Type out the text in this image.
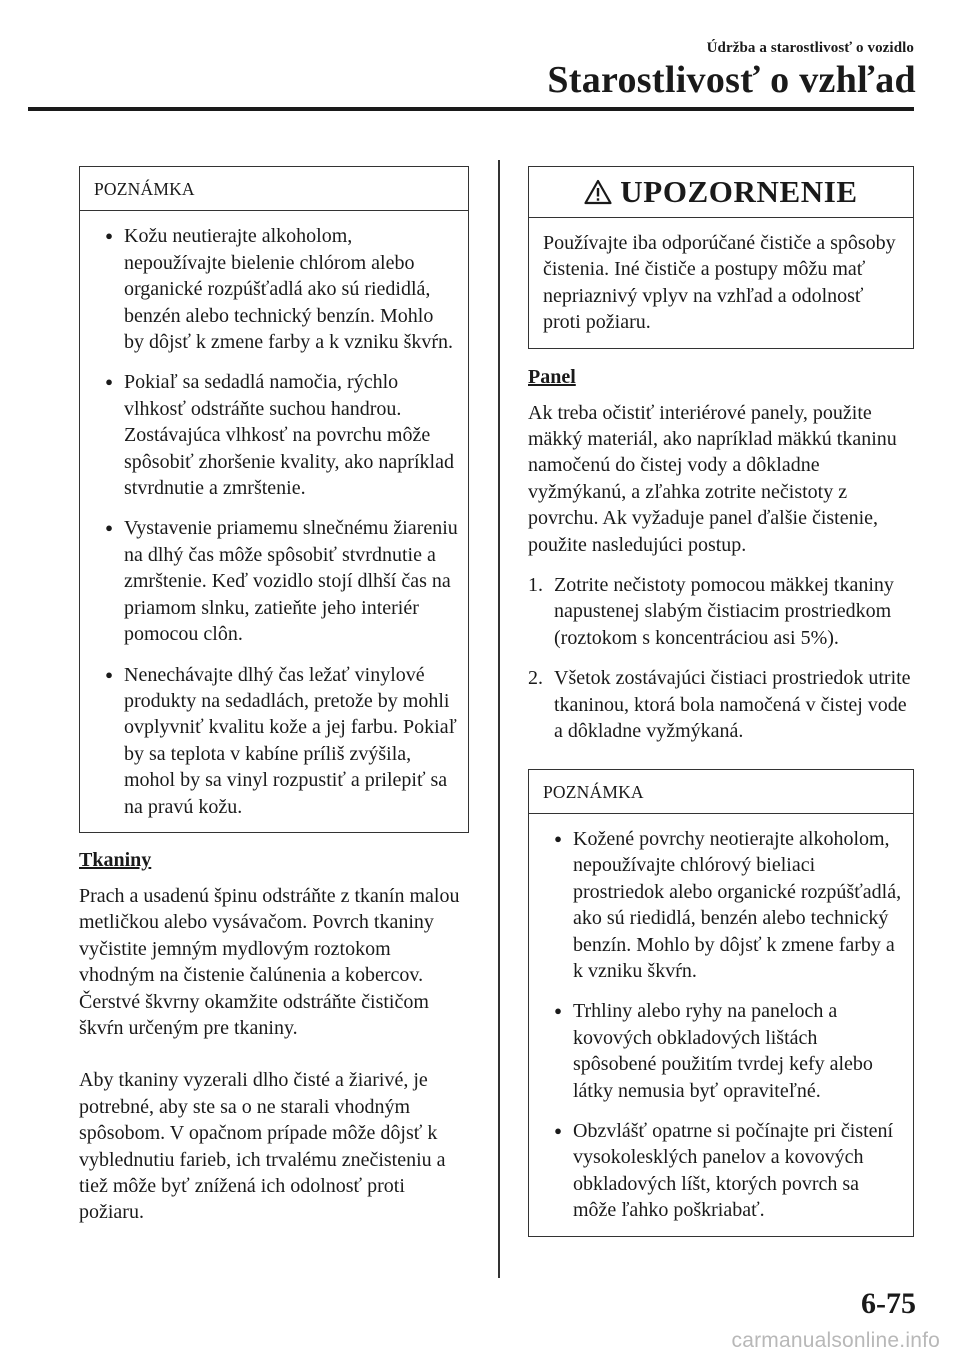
Údržba a starostlivosť o vozidlo
Starostlivosť o vzhľad
POZNÁMKA
● Kožu neutierajte alkoholom, nepoužívajte bielenie chlórom alebo organické rozpúšťadlá ako sú riedidlá, benzén alebo technický benzín. Mohlo by dôjsť k zmene farby a k vzniku škvŕn.
● Pokiaľ sa sedadlá namočia, rýchlo vlhkosť odstráňte suchou handrou. Zostávajúca vlhkosť na povrchu môže spôsobiť zhoršenie kvality, ako napríklad stvrdnutie a zmrštenie.
● Vystavenie priamemu slnečnému žiareniu na dlhý čas môže spôsobiť stvrdnutie a zmrštenie. Keď vozidlo stojí dlhší čas na priamom slnku, zatieňte jeho interiér pomocou clôn.
● Nenechávajte dlhý čas ležať vinylové produkty na sedadlách, pretože by mohli ovplyvniť kvalitu kože a jej farbu. Pokiaľ by sa teplota v kabíne príliš zvýšila, mohol by sa vinyl rozpustiť a prilepiť sa na pravú kožu.
Tkaniny

Prach a usadenú špinu odstráňte z tkanín malou metličkou alebo vysávačom. Povrch tkaniny vyčistite jemným mydlovým roztokom vhodným na čistenie čalúnenia a kobercov. Čerstvé škvrny okamžite odstráňte čističom škvŕn určeným pre tkaniny.

Aby tkaniny vyzerali dlho čisté a žiarivé, je potrebné, aby ste sa o ne starali vhodným spôsobom. V opačnom prípade môže dôjsť k vyblednutiu farieb, ich trvalému znečisteniu a tiež môže byť znížená ich odolnosť proti požiaru.

UPOZORNENIE
Používajte iba odporúčané čističe a spôsoby čistenia. Iné čističe a postupy môžu mať nepriaznivý vplyv na vzhľad a odolnosť proti požiaru.
Panel

Ak treba očistiť interiérové panely, použite mäkký materiál, ako napríklad mäkkú tkaninu namočenú do čistej vody a dôkladne vyžmýkanú, a zľahka zotrite nečistoty z povrchu. Ak vyžaduje panel ďalšie čistenie, použite nasledujúci postup.

1. Zotrite nečistoty pomocou mäkkej tkaniny napustenej slabým čistiacim prostriedkom (roztokom s koncentráciou asi 5%).
2. Všetok zostávajúci čistiaci prostriedok utrite tkaninou, ktorá bola namočená v čistej vode a dôkladne vyžmýkaná.
POZNÁMKA
● Kožené povrchy neotierajte alkoholom, nepoužívajte chlórový bieliaci prostriedok alebo organické rozpúšťadlá, ako sú riedidlá, benzén alebo technický benzín. Mohlo by dôjsť k zmene farby a k vzniku škvŕn.
● Trhliny alebo ryhy na paneloch a kovových obkladových lištách spôsobené použitím tvrdej kefy alebo látky nemusia byť opraviteľné.
● Obzvlášť opatrne si počínajte pri čistení vysokolesklých panelov a kovových obkladových líšt, ktorých povrch sa môže ľahko poškriabať.
6-75
carmanualsonline.info
